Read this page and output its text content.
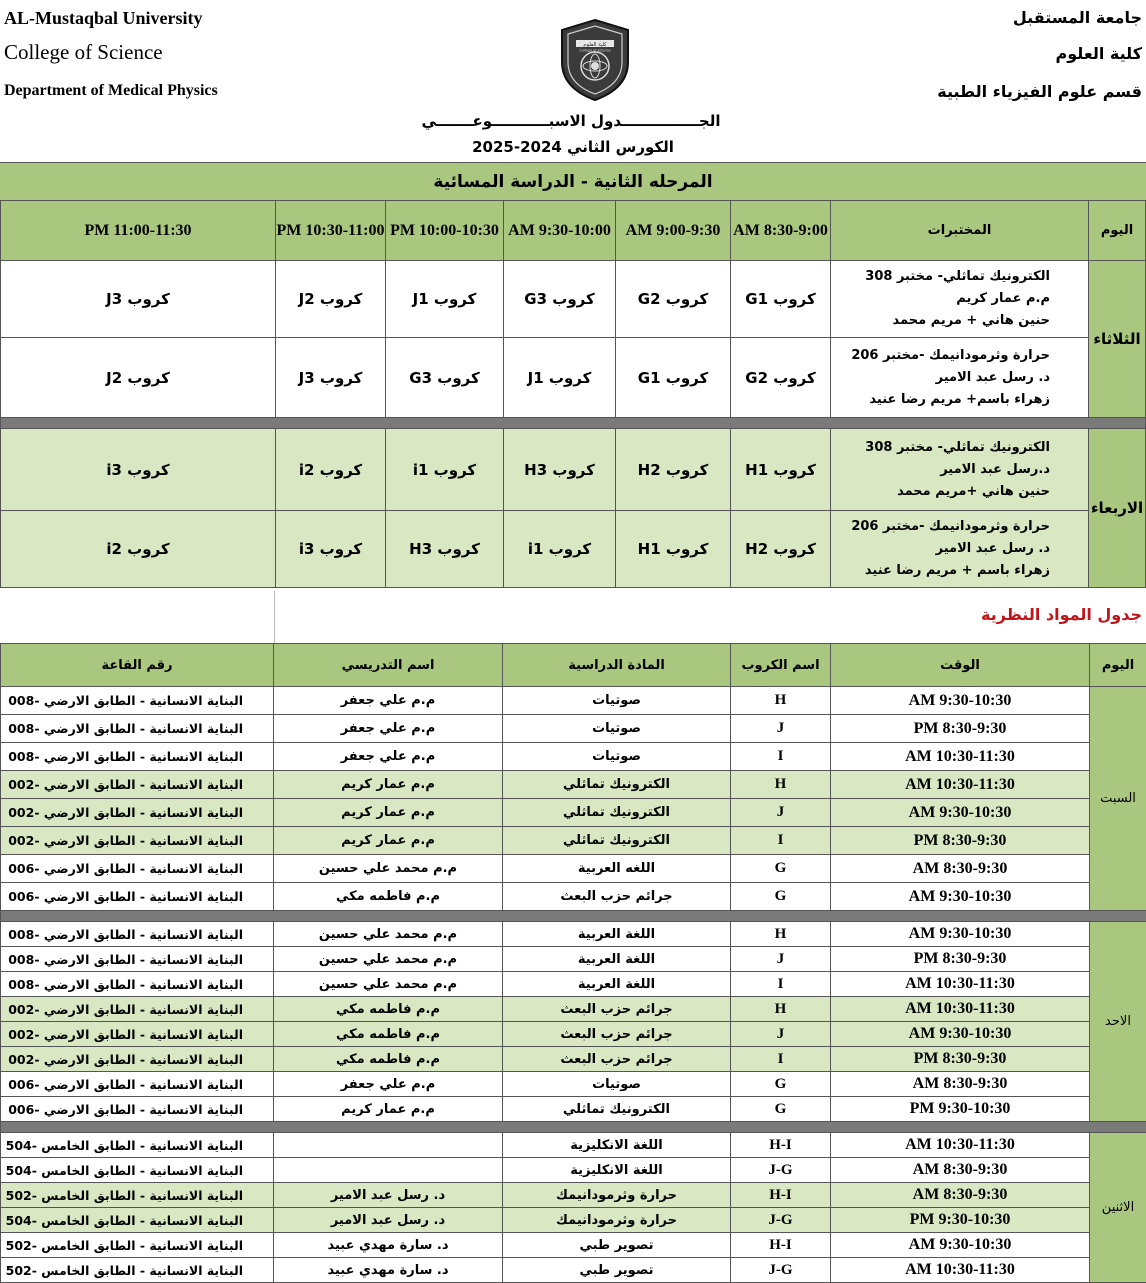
AL-Mustaqbal University
College of Science
Department of Medical Physics
جامعة المستقبل
كلية العلوم
قسم علوم الفيزياء الطبية
كلية العلوم
College of Science
الجـــــــــــــــدول الاسبـــــــــــوعـــــــي
الكورس الثاني 2024-2025
المرحله الثانية - الدراسة المسائية
اليوم	المختبرات	8:30-9:00 AM	9:00-9:30 AM	9:30-10:00 AM	10:00-10:30 PM	10:30-11:00 PM	11:00-11:30 PM
الثلاثاء	الكترونيك تماثلي- مختبر 308
م.م عمار كريم
حنين هاني + مريم محمد	كروب G1	كروب G2	كروب G3	كروب J1	كروب J2	كروب J3

	حرارة وثرمودانيمك -مختبر 206
د. رسل عبد الامير
زهراء باسم+ مريم رضا عنيد	كروب G2	كروب G1	كروب J1	كروب G3	كروب J3	كروب J2

الاربعاء	الكترونيك تماثلي- مختبر 308
د.رسل عبد الامير
حنين هاني +مريم محمد	كروب H1	كروب H2	كروب H3	كروب i1	كروب i2	كروب i3

	حرارة وثرمودانيمك -مختبر 206
د. رسل عبد الامير
زهراء باسم + مريم رضا عنيد	كروب H2	كروب H1	كروب i1	كروب H3	كروب i3	كروب i2
جدول المواد النظرية
اليوم	الوقت	اسم الكروب	المادة الدراسية	اسم التدريسي	رقم القاعة
السبت	9:30-10:30 AM	H	صوتيات	م.م علي جعفر	البناية الانسانية - الطابق الارضي -008
	8:30-9:30 PM	J	صوتيات	م.م علي جعفر	البناية الانسانية - الطابق الارضي -008
	10:30-11:30 AM	I	صوتيات	م.م علي جعفر	البناية الانسانية - الطابق الارضي -008
	10:30-11:30 AM	H	الكترونيك تماثلي	م.م عمار كريم	البناية الانسانية - الطابق الارضي -002
	9:30-10:30 AM	J	الكترونيك تماثلي	م.م عمار كريم	البناية الانسانية - الطابق الارضي -002
	8:30-9:30 PM	I	الكترونيك تماثلي	م.م عمار كريم	البناية الانسانية - الطابق الارضي -002
	8:30-9:30 AM	G	اللغه العربية	م.م محمد علي حسين	البناية الانسانية - الطابق الارضي -006
	9:30-10:30 AM	G	جرائم حزب البعث	م.م فاطمه مكي	البناية الانسانية - الطابق الارضي -006

الاحد	9:30-10:30 AM	H	اللغة العربية	م.م محمد علي حسين	البناية الانسانية - الطابق الارضي -008
	8:30-9:30 PM	J	اللغة العربية	م.م محمد علي حسين	البناية الانسانية - الطابق الارضي -008
	10:30-11:30 AM	I	اللغة العربية	م.م محمد علي حسين	البناية الانسانية - الطابق الارضي -008
	10:30-11:30 AM	H	جرائم حزب البعث	م.م فاطمه مكي	البناية الانسانية - الطابق الارضي -002
	9:30-10:30 AM	J	جرائم حزب البعث	م.م فاطمه مكي	البناية الانسانية - الطابق الارضي -002
	8:30-9:30 PM	I	جرائم حزب البعث	م.م فاطمه مكي	البناية الانسانية - الطابق الارضي -002
	8:30-9:30 AM	G	صوتيات	م.م علي جعفر	البناية الانسانية - الطابق الارضي -006
	9:30-10:30 PM	G	الكترونيك تماثلي	م.م عمار كريم	البناية الانسانية - الطابق الارضي -006

الاثنين	10:30-11:30 AM	H-I	اللغة الانكليزية		البناية الانسانية - الطابق الخامس -504
	8:30-9:30 AM	J-G	اللغة الانكليزية		البناية الانسانية - الطابق الخامس -504
	8:30-9:30 AM	H-I	حرارة وثرمودانيمك	د. رسل عبد الامير	البناية الانسانية - الطابق الخامس -502
	9:30-10:30 PM	J-G	حرارة وثرمودانيمك	د. رسل عبد الامير	البناية الانسانية - الطابق الخامس -504
	9:30-10:30 AM	H-I	تصوير طبي	د. سارة مهدي عبيد	البناية الانسانية - الطابق الخامس -502
	10:30-11:30 AM	J-G	تصوير طبي	د. سارة مهدي عبيد	البناية الانسانية - الطابق الخامس -502
